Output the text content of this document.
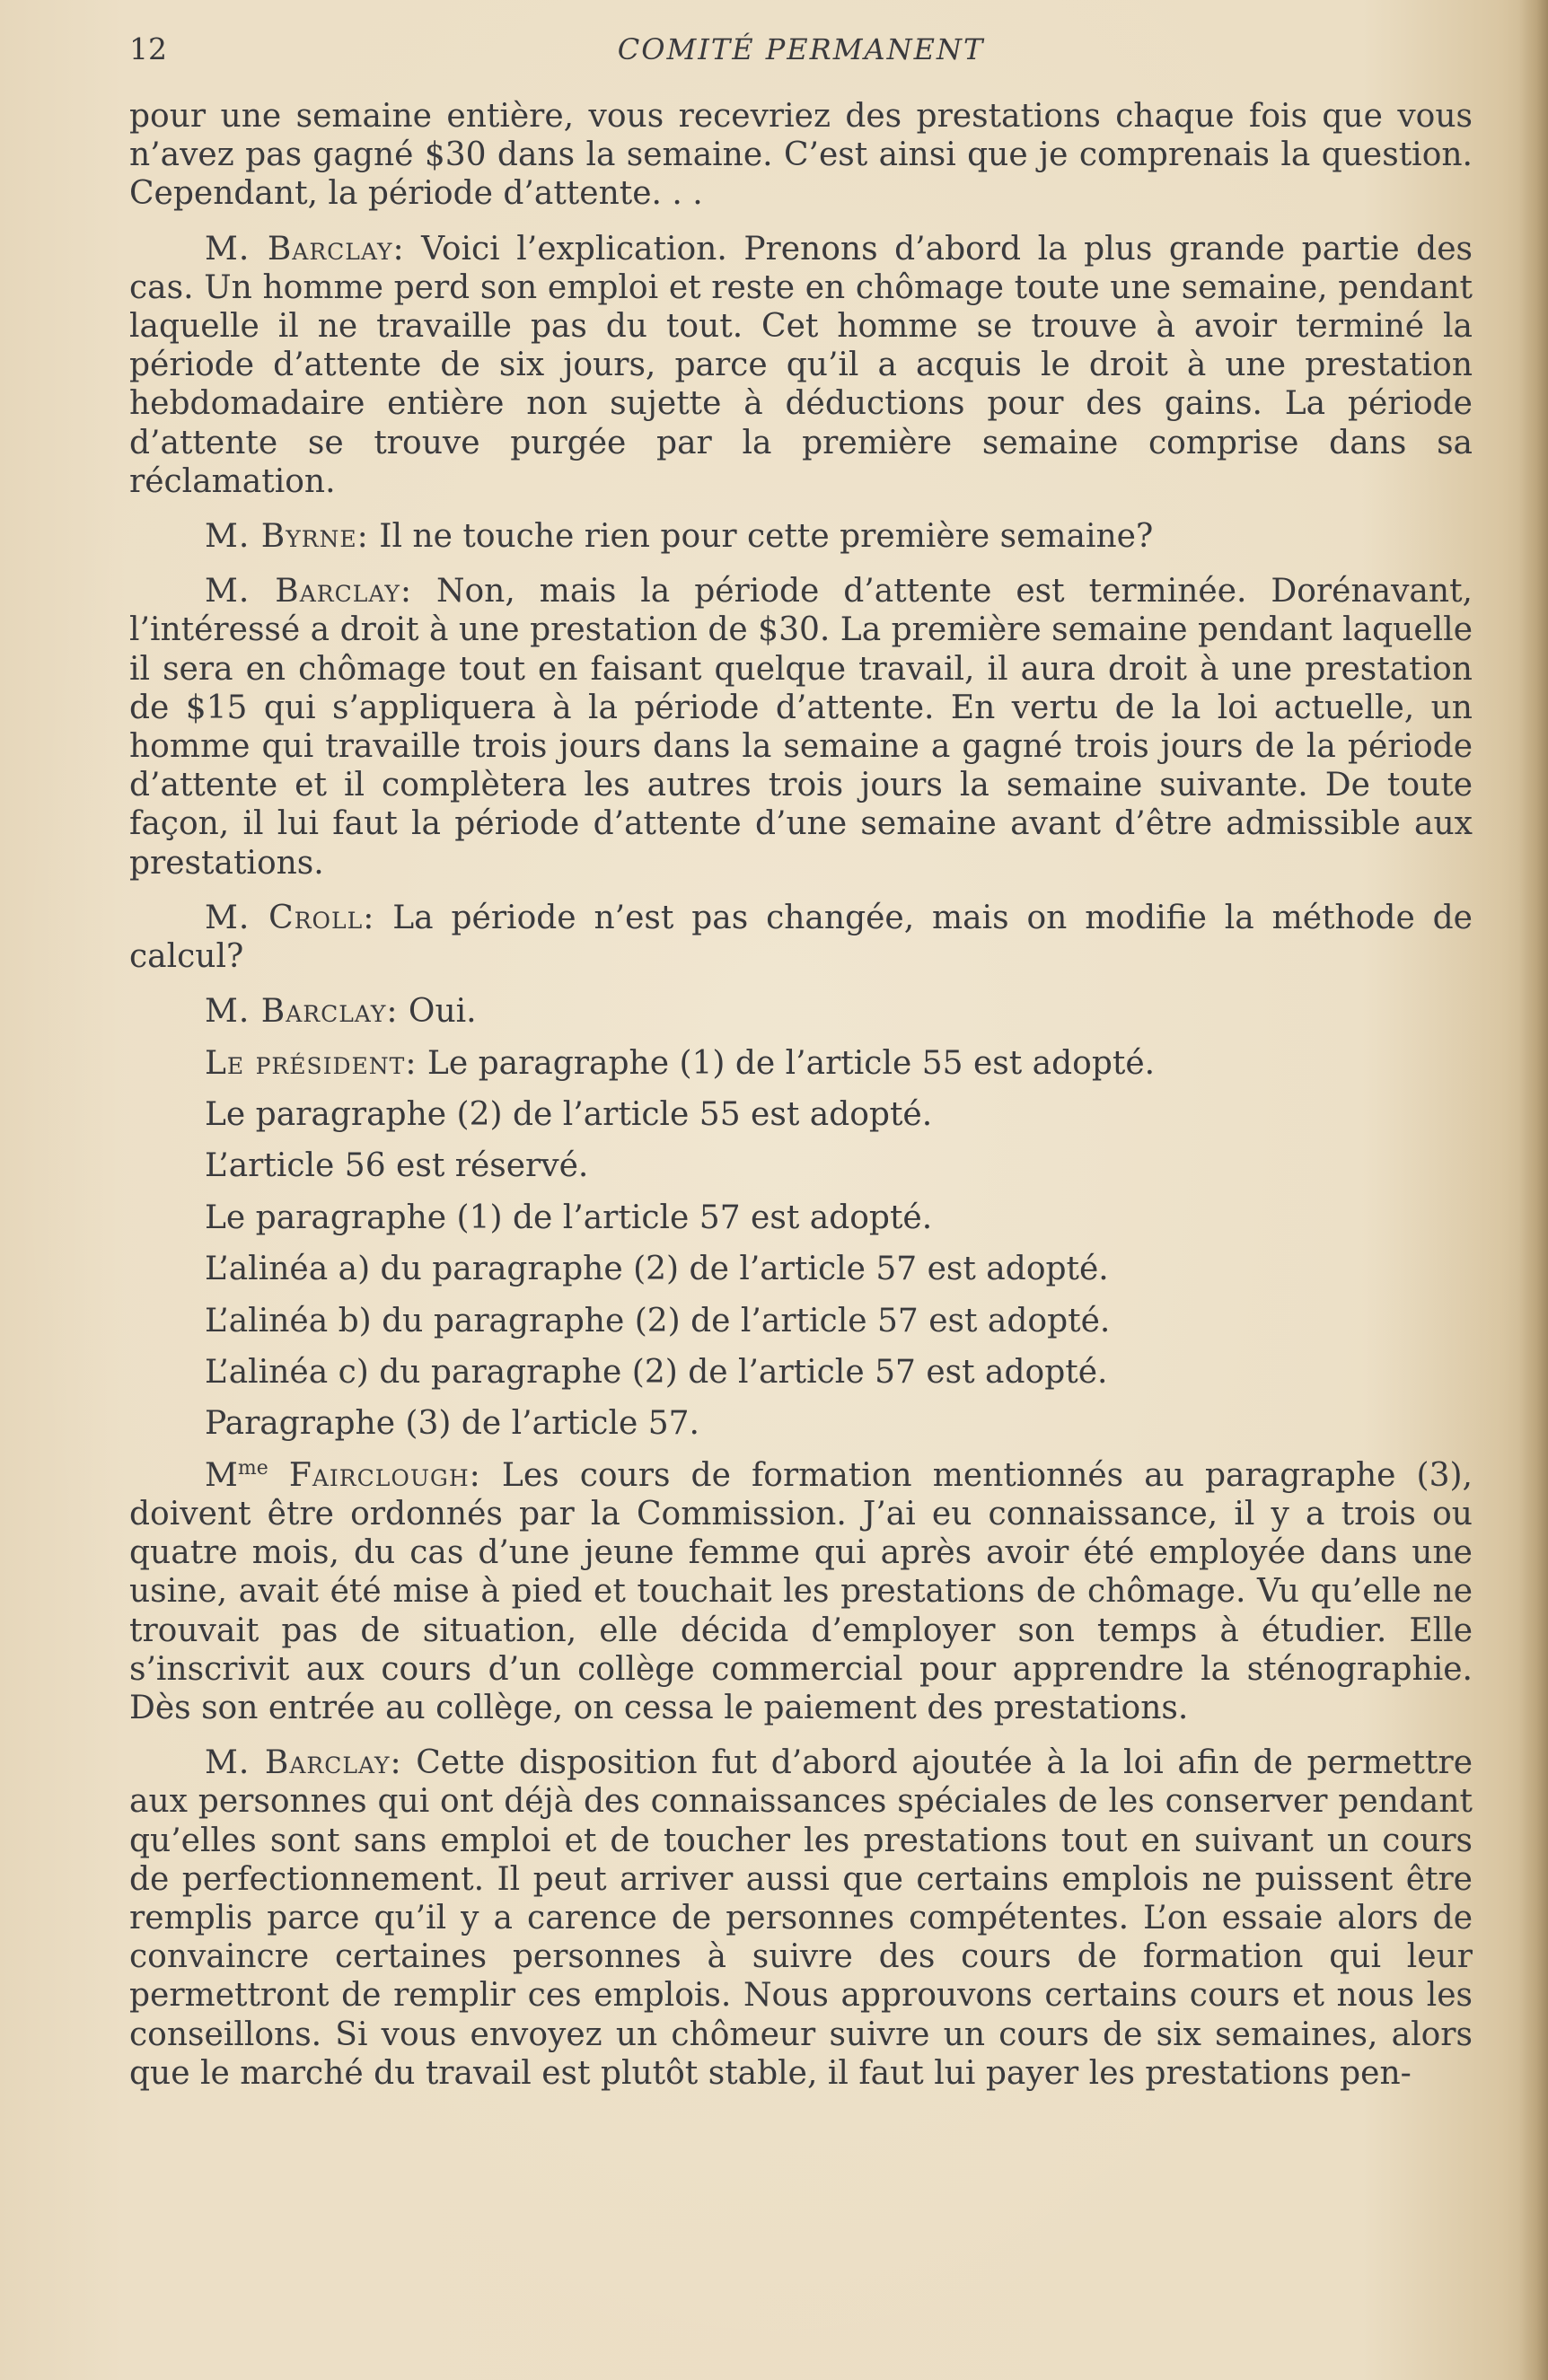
12	COMITÉ PERMANENT

pour une semaine entière, vous recevriez des prestations chaque fois que vous n’avez pas gagné $30 dans la semaine. C’est ainsi que je comprenais la question. Cependant, la période d’attente. . .

M. Barclay: Voici l’explication. Prenons d’abord la plus grande partie des cas. Un homme perd son emploi et reste en chômage toute une semaine, pendant laquelle il ne travaille pas du tout. Cet homme se trouve à avoir terminé la période d’attente de six jours, parce qu’il a acquis le droit à une prestation hebdomadaire entière non sujette à déductions pour des gains. La période d’attente se trouve purgée par la première semaine comprise dans sa réclamation.

M. Byrne: Il ne touche rien pour cette première semaine?

M. Barclay: Non, mais la période d’attente est terminée. Dorénavant, l’intéressé a droit à une prestation de $30. La première semaine pendant laquelle il sera en chômage tout en faisant quelque travail, il aura droit à une prestation de $15 qui s’appliquera à la période d’attente. En vertu de la loi actuelle, un homme qui travaille trois jours dans la semaine a gagné trois jours de la période d’attente et il complètera les autres trois jours la semaine suivante. De toute façon, il lui faut la période d’attente d’une semaine avant d’être admissible aux prestations.

M. Croll: La période n’est pas changée, mais on modifie la méthode de calcul?

M. Barclay: Oui.

Le président: Le paragraphe (1) de l’article 55 est adopté.

Le paragraphe (2) de l’article 55 est adopté.

L’article 56 est réservé.

Le paragraphe (1) de l’article 57 est adopté.

L’alinéa a) du paragraphe (2) de l’article 57 est adopté.

L’alinéa b) du paragraphe (2) de l’article 57 est adopté.

L’alinéa c) du paragraphe (2) de l’article 57 est adopté.

Paragraphe (3) de l’article 57.

$M^{me}$ Fairclough: Les cours de formation mentionnés au paragraphe (3), doivent être ordonnés par la Commission. J’ai eu connaissance, il y a trois ou quatre mois, du cas d’une jeune femme qui après avoir été employée dans une usine, avait été mise à pied et touchait les prestations de chômage. Vu qu’elle ne trouvait pas de situation, elle décida d’employer son temps à étudier. Elle s’inscrivit aux cours d’un collège commercial pour apprendre la sténographie. Dès son entrée au collège, on cessa le paiement des prestations.

M. Barclay: Cette disposition fut d’abord ajoutée à la loi afin de permettre aux personnes qui ont déjà des connaissances spéciales de les conserver pendant qu’elles sont sans emploi et de toucher les prestations tout en suivant un cours de perfectionnement. Il peut arriver aussi que certains emplois ne puissent être remplis parce qu’il y a carence de personnes compétentes. L’on essaie alors de convaincre certaines personnes à suivre des cours de formation qui leur permettront de remplir ces emplois. Nous approuvons certains cours et nous les conseillons. Si vous envoyez un chômeur suivre un cours de six semaines, alors que le marché du travail est plutôt stable, il faut lui payer les prestations pen-
